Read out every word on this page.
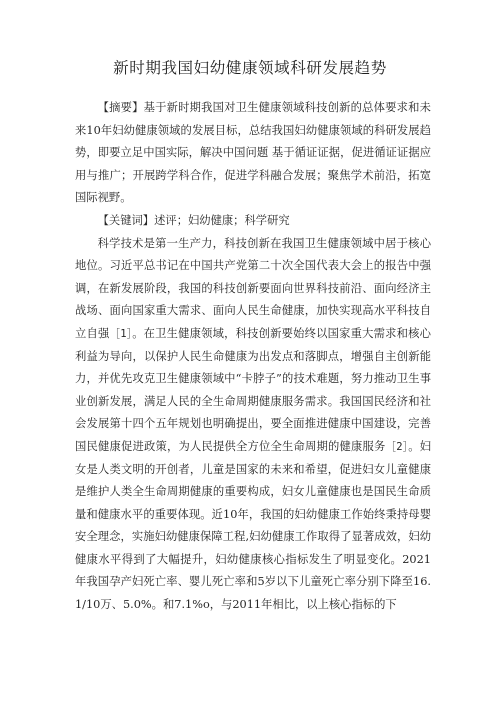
新时期我国妇幼健康领域科研发展趋势

【摘要】基于新时期我国对卫生健康领域科技创新的总体要求和未来10年妇幼健康领域的发展目标，总结我国妇幼健康领域的科研发展趋势，即要立足中国实际，解决中国问题 基于循证证据，促进循证证据应用与推广；开展跨学科合作，促进学科融合发展；聚焦学术前沿，拓宽国际视野。

【关键词】述评；妇幼健康；科学研究

科学技术是第一生产力，科技创新在我国卫生健康领域中居于核心地位。习近平总书记在中国共产党第二十次全国代表大会上的报告中强调，在新发展阶段，我国的科技创新要面向世界科技前沿、面向经济主战场、面向国家重大需求、面向人民生命健康，加快实现高水平科技自立自强［1］。在卫生健康领域，科技创新要始终以国家重大需求和核心利益为导向，以保护人民生命健康为出发点和落脚点，增强自主创新能力，并优先攻克卫生健康领域中“卡脖子”的技术难题，努力推动卫生事业创新发展，满足人民的全生命周期健康服务需求。我国国民经济和社会发展第十四个五年规划也明确提出，要全面推进健康中国建设，完善国民健康促进政策，为人民提供全方位全生命周期的健康服务［2］。妇女是人类文明的开创者，儿童是国家的未来和希望，促进妇女儿童健康是维护人类全生命周期健康的重要构成，妇女儿童健康也是国民生命质量和健康水平的重要体现。近10年，我国的妇幼健康工作始终秉持母婴安全理念，实施妇幼健康保障工程,妇幼健康工作取得了显著成效，妇幼健康水平得到了大幅提升，妇幼健康核心指标发生了明显变化。2021年我国孕产妇死亡率、婴儿死亡率和5岁以下儿童死亡率分别下降至16.1/10万、5.0%。和7.1%o，与2011年相比，以上核心指标的下
